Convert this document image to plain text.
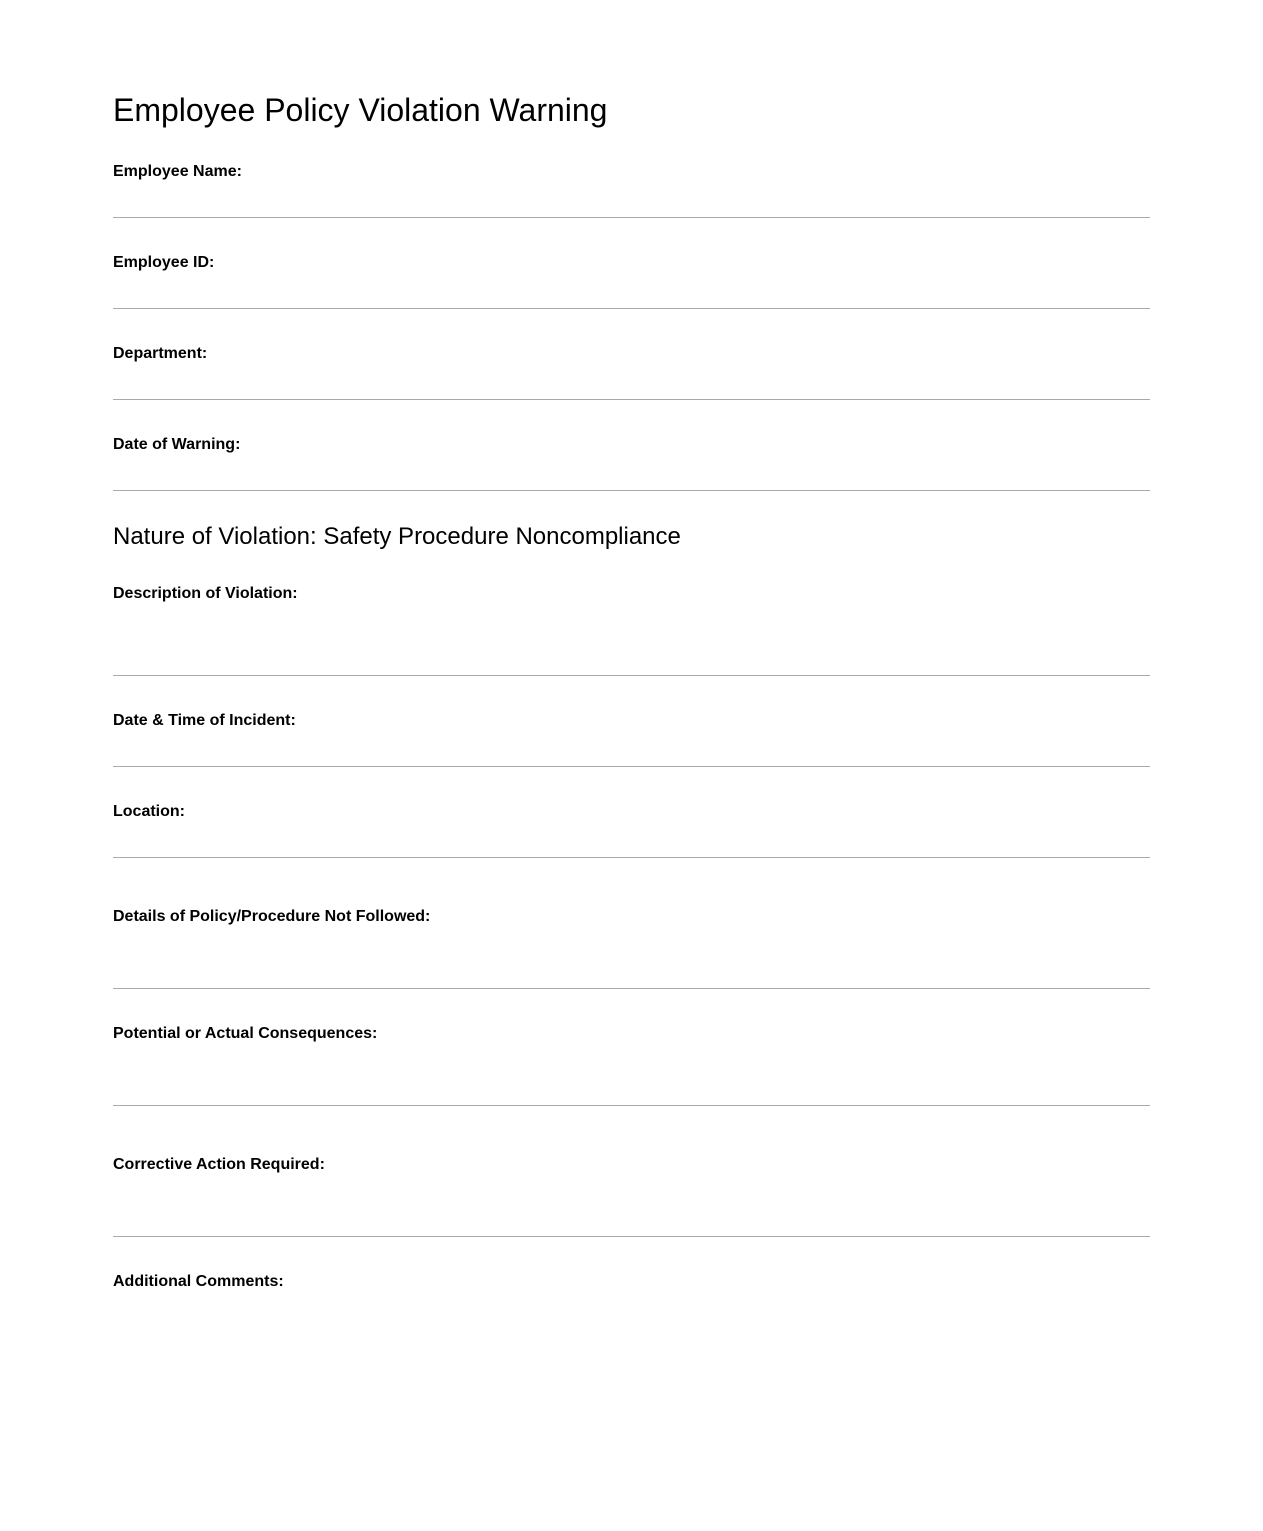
Employee Policy Violation Warning
Employee Name:
Employee ID:
Department:
Date of Warning:
Nature of Violation: Safety Procedure Noncompliance
Description of Violation:
Date & Time of Incident:
Location:
Details of Policy/Procedure Not Followed:
Potential or Actual Consequences:
Corrective Action Required:
Additional Comments:
